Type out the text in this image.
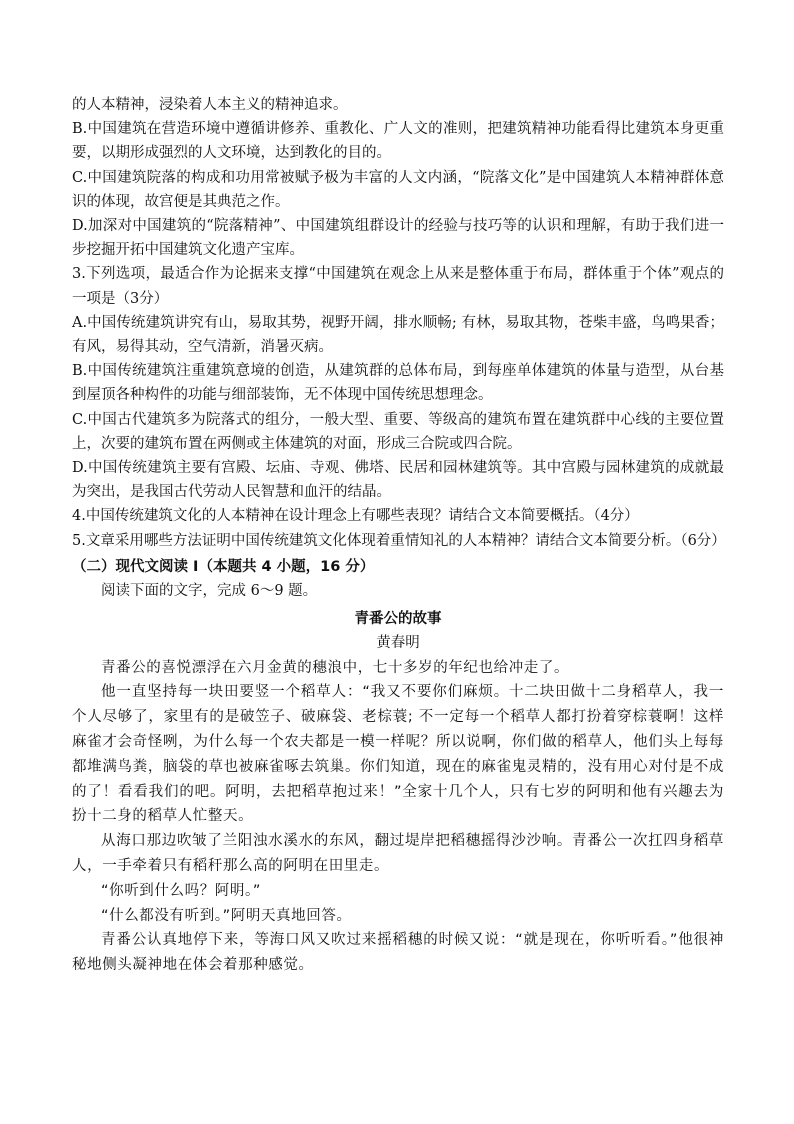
的人本精神，浸染着人本主义的精神追求。

B.中国建筑在营造环境中遵循讲修养、重教化、广人文的准则，把建筑精神功能看得比建筑本身更重要，以期形成强烈的人文环境，达到教化的目的。

C.中国建筑院落的构成和功用常被赋予极为丰富的人文内涵，“院落文化”是中国建筑人本精神群体意识的体现，故宫便是其典范之作。

D.加深对中国建筑的“院落精神”、中国建筑组群设计的经验与技巧等的认识和理解，有助于我们进一步挖掘开拓中国建筑文化遗产宝库。

3.下列选项，最适合作为论据来支撑“中国建筑在观念上从来是整体重于布局，群体重于个体”观点的一项是（3分）

A.中国传统建筑讲究有山，易取其势，视野开阔，排水顺畅; 有林，易取其物，苍柴丰盛，鸟鸣果香；有风，易得其动，空气清新，消暑灭病。

B.中国传统建筑注重建筑意境的创造，从建筑群的总体布局，到每座单体建筑的体量与造型，从台基到屋顶各种构件的功能与细部装饰，无不体现中国传统思想理念。

C.中国古代建筑多为院落式的组分，一般大型、重要、等级高的建筑布置在建筑群中心线的主要位置上，次要的建筑布置在两侧或主体建筑的对面，形成三合院或四合院。

D.中国传统建筑主要有宫殿、坛庙、寺观、佛塔、民居和园林建筑等。其中宫殿与园林建筑的成就最为突出，是我国古代劳动人民智慧和血汗的结晶。

4.中国传统建筑文化的人本精神在设计理念上有哪些表现？请结合文本简要概括。（4分）

5.文章采用哪些方法证明中国传统建筑文化体现着重情知礼的人本精神？请结合文本简要分析。（6分）

（二）现代文阅读 I（本题共 4 小题，16 分）

阅读下面的文字，完成 6～9 题。

青番公的故事

黄春明

青番公的喜悦漂浮在六月金黄的穗浪中，七十多岁的年纪也给冲走了。

他一直坚持每一块田要竖一个稻草人：“我又不要你们麻烦。十二块田做十二身稻草人，我一个人尽够了，家里有的是破笠子、破麻袋、老棕蓑; 不一定每一个稻草人都打扮着穿棕蓑啊！这样麻雀才会奇怪咧，为什么每一个农夫都是一模一样呢？所以说啊，你们做的稻草人，他们头上每每都堆满鸟粪，脑袋的草也被麻雀啄去筑巢。你们知道，现在的麻雀鬼灵精的，没有用心对付是不成的了！看看我们的吧。阿明，去把稻草抱过来！”全家十几个人，只有七岁的阿明和他有兴趣去为扮十二身的稻草人忙整天。

从海口那边吹皱了兰阳浊水溪水的东风，翻过堤岸把稻穗摇得沙沙响。青番公一次扛四身稻草人，一手牵着只有稻秆那么高的阿明在田里走。

“你听到什么吗？阿明。”

“什么都没有听到。”阿明天真地回答。

青番公认真地停下来，等海口风又吹过来摇稻穗的时候又说：“就是现在，你听听看。”他很神秘地侧头凝神地在体会着那种感觉。
